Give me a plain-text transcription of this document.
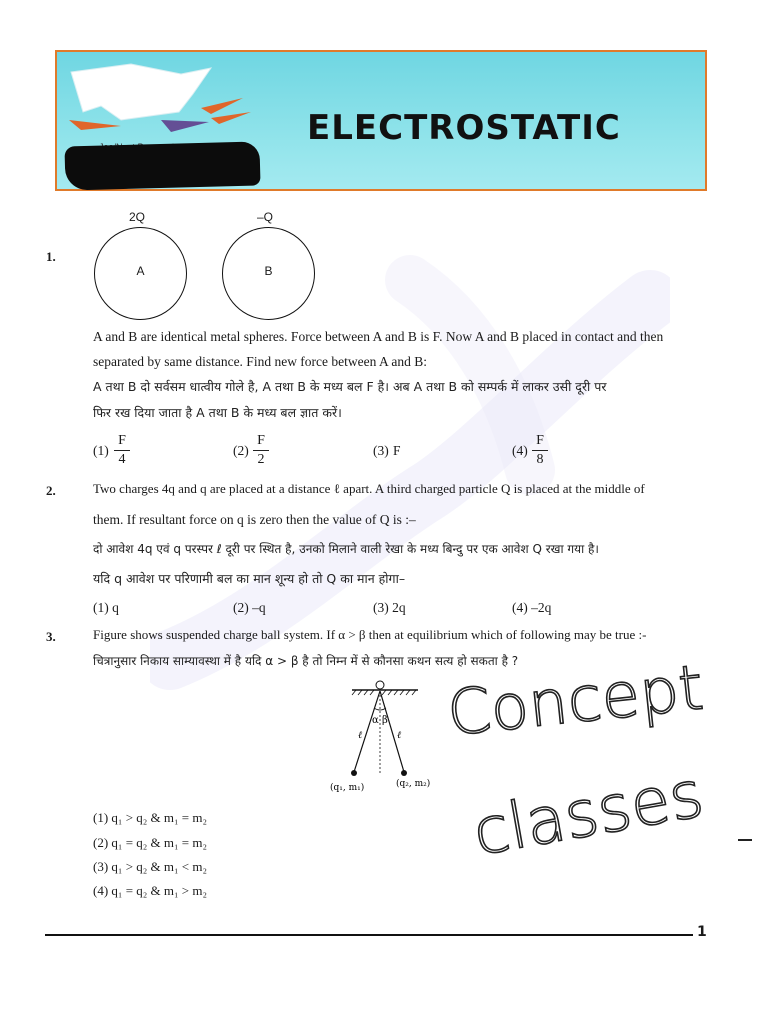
ELECTROSTATIC
1.
2Q	–Q
A	B
A and B are identical metal spheres. Force between A and B is F. Now A and B placed in contact and then
separated by same distance. Find new force between A and B:
A तथा B दो सर्वसम धात्वीय गोले है, A तथा B के मध्य बल F है। अब A तथा B को सम्पर्क में लाकर उसी दूरी पर
फिर रख दिया जाता है A तथा B के मध्य बल ज्ञात करें।
$(1) \frac{F}{4}$	$(2) \frac{F}{2}$	(3) F	$(4) \frac{F}{8}$
2.	Two charges 4q and q are placed at a distance ℓ apart. A third charged particle Q is placed at the middle of
them. If resultant force on q is zero then the value of Q is :–
दो आवेश 4q एवं q परस्पर ℓ दूरी पर स्थित है, उनको मिलाने वाली रेखा के मध्य बिन्दु पर एक आवेश Q रखा गया है।
यदि q आवेश पर परिणामी बल का मान शून्य हो तो Q का मान होगा–
(1) q	(2) –q	(3) 2q	(4) –2q
3.	Figure shows suspended charge ball system. If α > β then at equilibrium which of following may be true :-
चित्रानुसार निकाय साम्यावस्था में है यदि α > β है तो निम्न में से कौनसा कथन सत्य हो सकता है ?
α β
ℓ	ℓ
(q₁, m₁)	(q₂, m₂)
(1) q₁ > q₂ & m₁ = m₂
(2) q₁ = q₂ & m₁ = m₂
(3) q₁ > q₂ & m₁ < m₂
(4) q₁ = q₂ & m₁ > m₂
Concept
classes
1
